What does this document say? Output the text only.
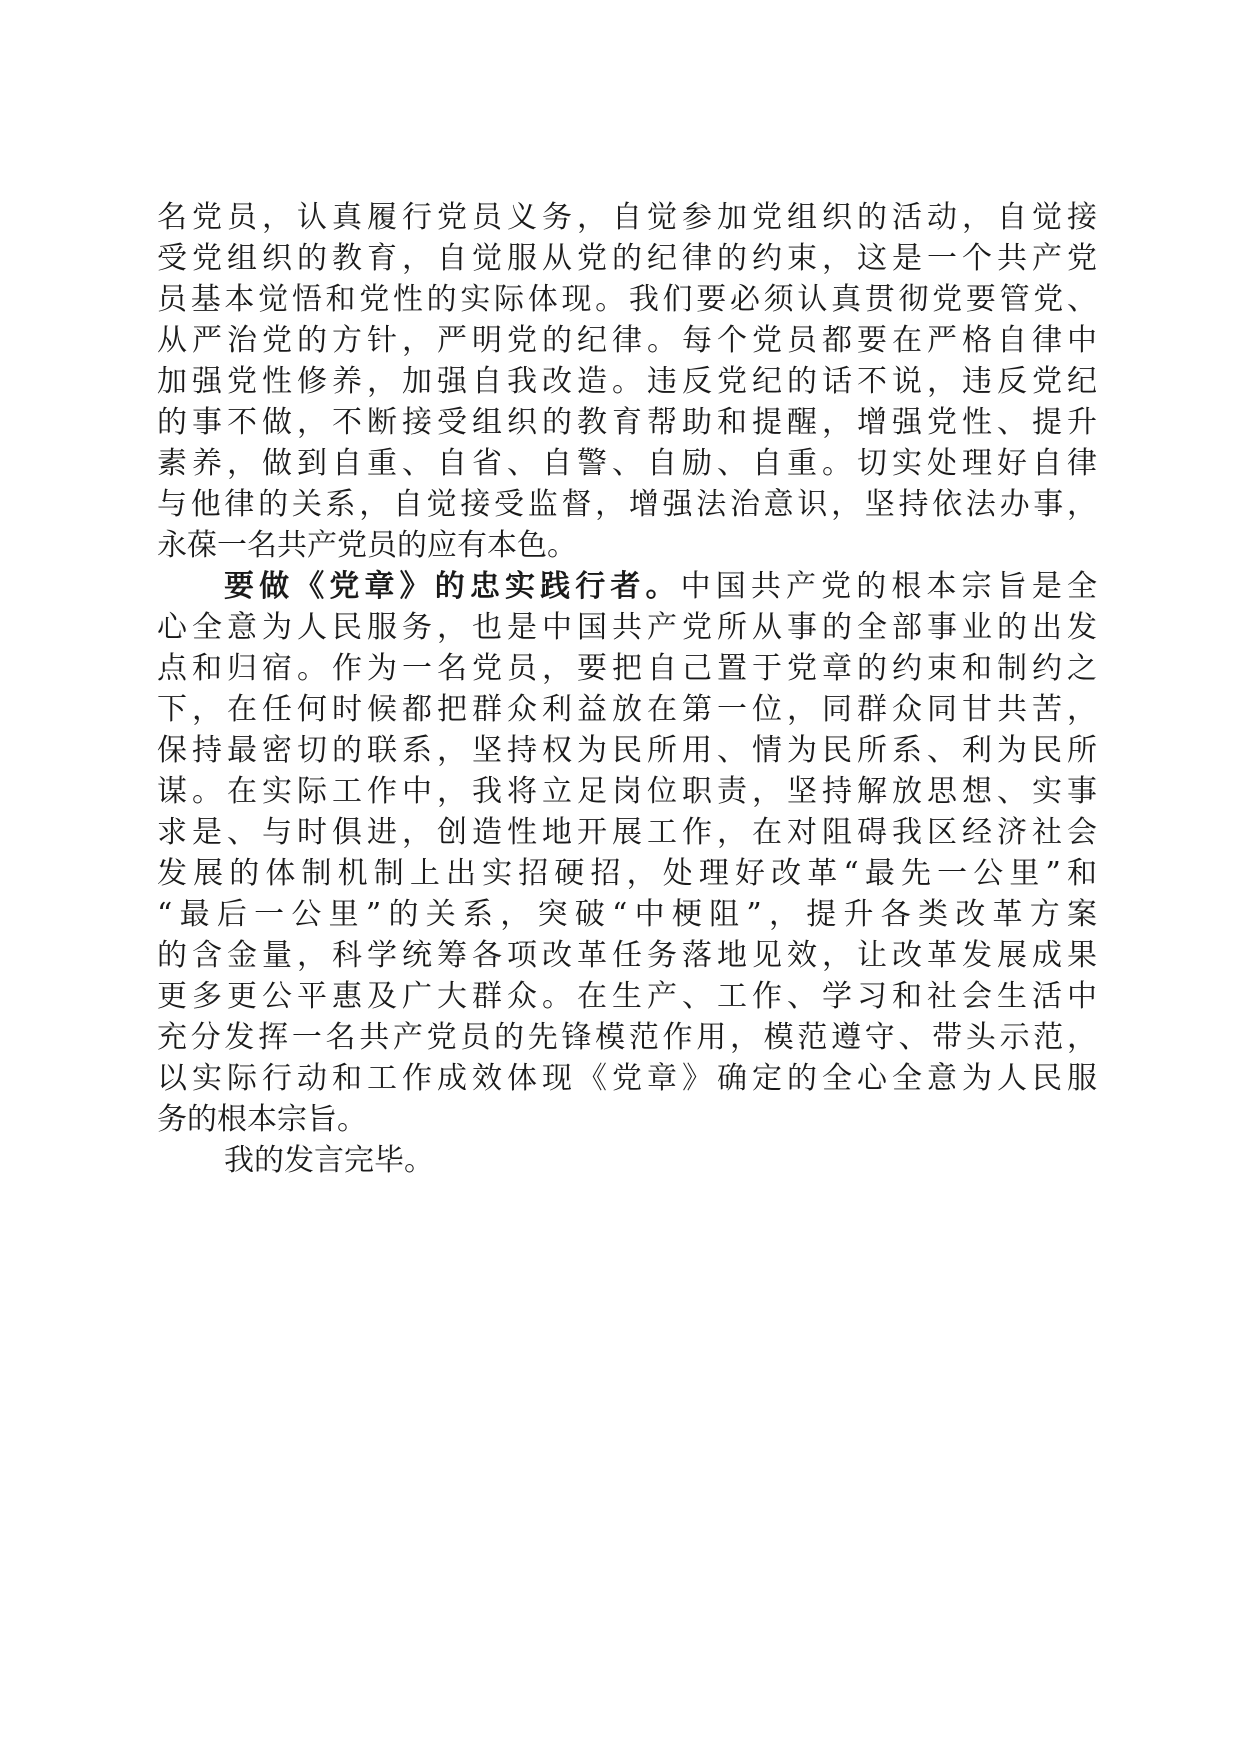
名党员，认真履行党员义务，自觉参加党组织的活动，自觉接
受党组织的教育，自觉服从党的纪律的约束，这是一个共产党
员基本觉悟和党性的实际体现。我们要必须认真贯彻党要管党、
从严治党的方针，严明党的纪律。每个党员都要在严格自律中
加强党性修养，加强自我改造。违反党纪的话不说，违反党纪
的事不做，不断接受组织的教育帮助和提醒，增强党性、提升
素养，做到自重、自省、自警、自励、自重。切实处理好自律
与他律的关系，自觉接受监督，增强法治意识，坚持依法办事，
永葆一名共产党员的应有本色。
要做《党章》的忠实践行者。中国共产党的根本宗旨是全
心全意为人民服务，也是中国共产党所从事的全部事业的出发
点和归宿。作为一名党员，要把自己置于党章的约束和制约之
下，在任何时候都把群众利益放在第一位，同群众同甘共苦，
保持最密切的联系，坚持权为民所用、情为民所系、利为民所
谋。在实际工作中，我将立足岗位职责，坚持解放思想、实事
求是、与时俱进，创造性地开展工作，在对阻碍我区经济社会
发展的体制机制上出实招硬招，处理好改革“最先一公里”和
“最后一公里”的关系，突破“中梗阻”，提升各类改革方案
的含金量，科学统筹各项改革任务落地见效，让改革发展成果
更多更公平惠及广大群众。在生产、工作、学习和社会生活中
充分发挥一名共产党员的先锋模范作用，模范遵守、带头示范，
以实际行动和工作成效体现《党章》确定的全心全意为人民服
务的根本宗旨。
我的发言完毕。
